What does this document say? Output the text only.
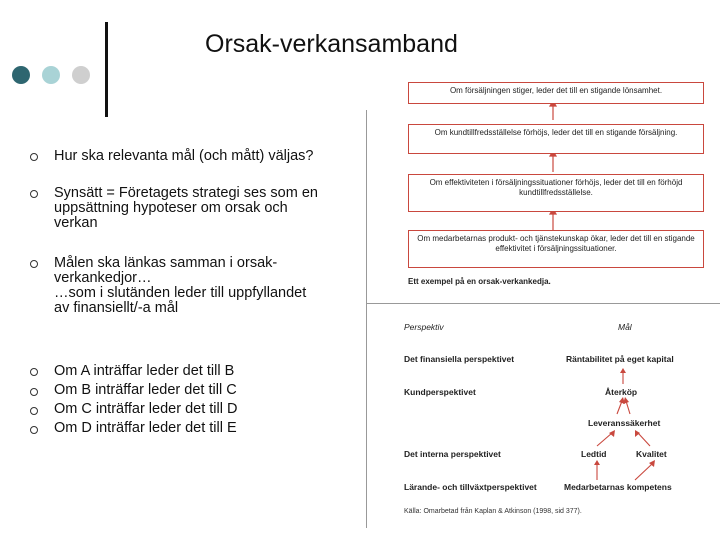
Orsak-verkansamband
Hur ska relevanta mål (och mått) väljas?
Synsätt = Företagets strategi ses som en
uppsättning hypoteser om orsak och
verkan
Målen ska länkas samman i orsak-
verkankedjor…
…som i slutänden leder till uppfyllandet
av finansiellt/-a mål
Om A inträffar leder det till B
Om B inträffar leder det till C
Om C inträffar leder det till D
Om D inträffar leder det till E
Om försäljningen stiger, leder det till en stigande lönsamhet.
Om kundtillfredsställelse förhöjs, leder det till en stigande försäljning.
Om effektiviteten i försäljningssituationer förhöjs, leder det till en förhöjd kundtillfredsställelse.
Om medarbetarnas produkt- och tjänstekunskap ökar, leder det till en stigande effektivitet i försäljningssituationer.
Ett exempel på en orsak-verkankedja.
Perspektiv	Mål
Det finansiella perspektivet
Kundperspektivet
Det interna perspektivet
Lärande- och tillväxtperspektivet
Räntabilitet på eget kapital
Återköp
Leveranssäkerhet
Ledtid	Kvalitet
Medarbetarnas kompetens
Källa: Omarbetad från Kaplan & Atkinson (1998, sid 377).
